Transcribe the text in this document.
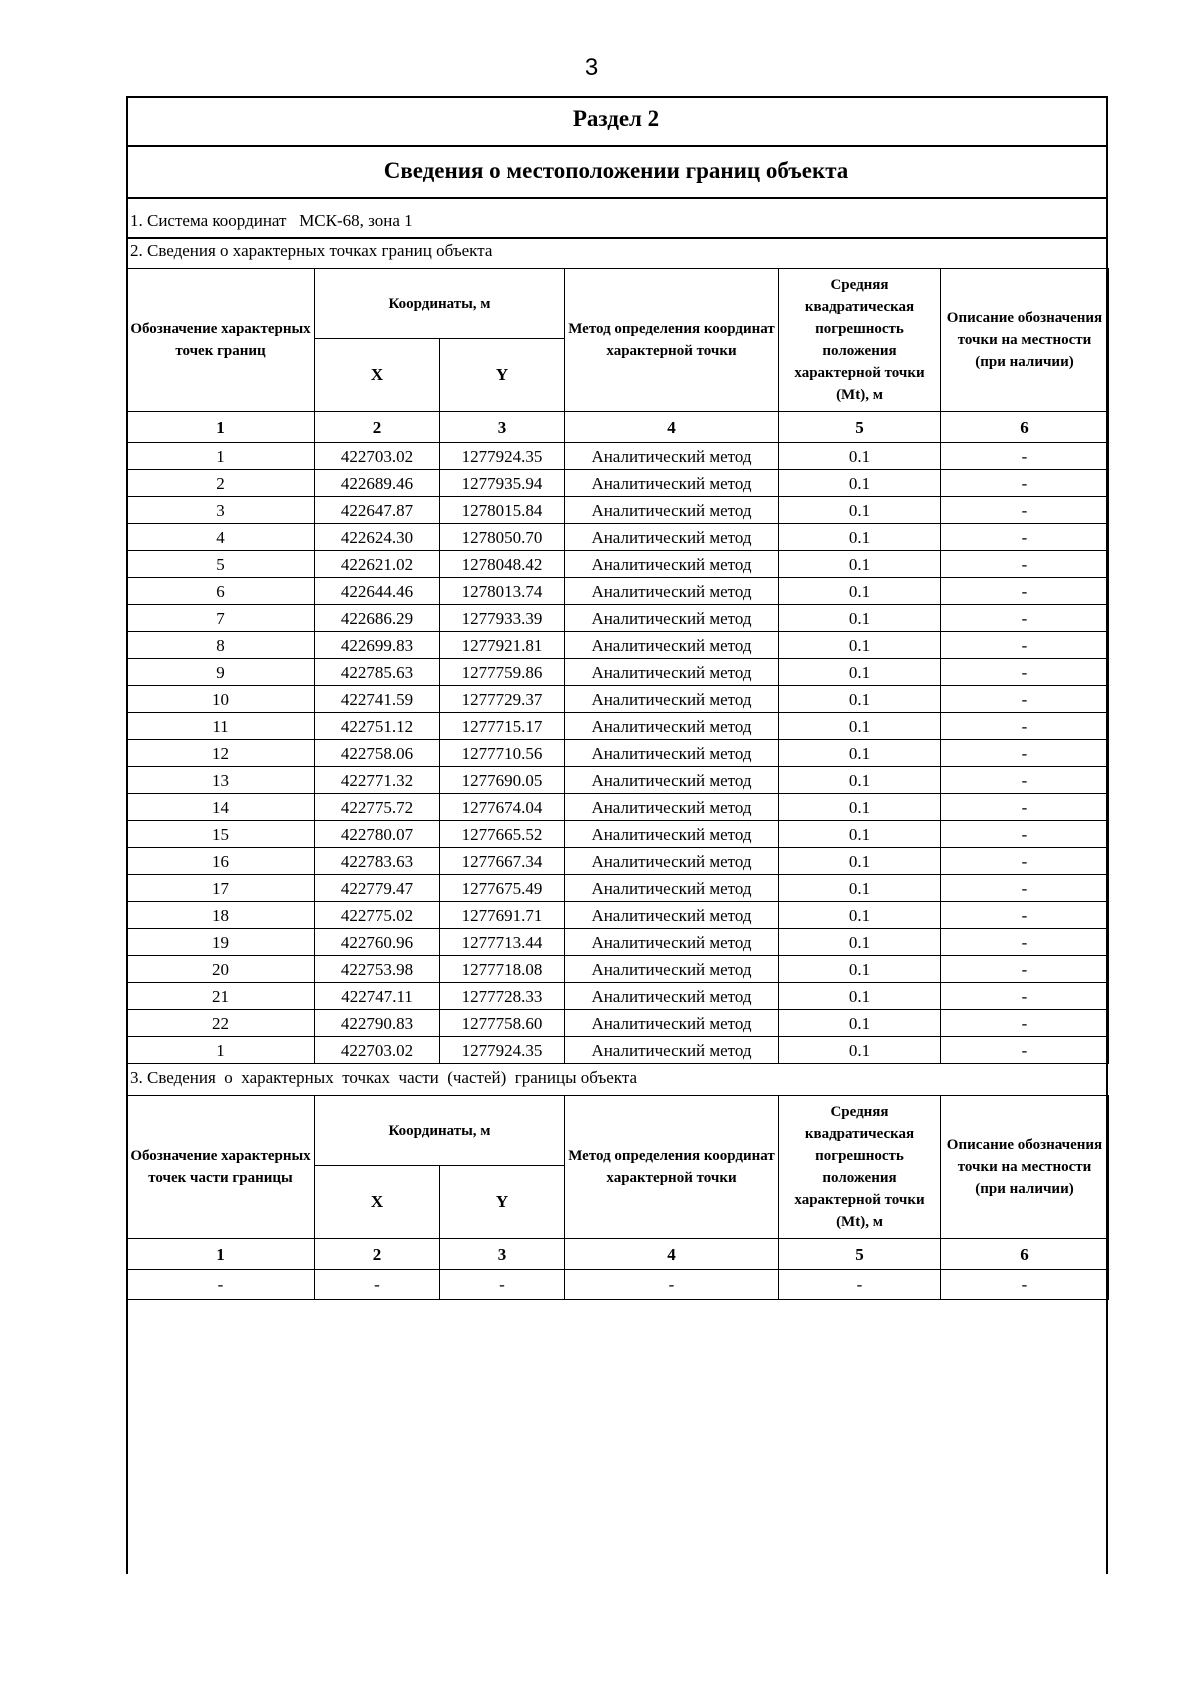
3
Раздел 2
Сведения о местоположении границ объекта
1. Система координат   МСК-68, зона 1
2. Сведения о характерных точках границ объекта
Обозначение характерных точек границ	Координаты, м		Метод определения координат характерной точки	Средняя квадратическая погрешность положения характерной точки (Mt), м	Описание обозначения точки на местности (при наличии)
	X	Y			
1	2	3	4	5	6
1	422703.02	1277924.35	Аналитический метод	0.1	-
2	422689.46	1277935.94	Аналитический метод	0.1	-
3	422647.87	1278015.84	Аналитический метод	0.1	-
4	422624.30	1278050.70	Аналитический метод	0.1	-
5	422621.02	1278048.42	Аналитический метод	0.1	-
6	422644.46	1278013.74	Аналитический метод	0.1	-
7	422686.29	1277933.39	Аналитический метод	0.1	-
8	422699.83	1277921.81	Аналитический метод	0.1	-
9	422785.63	1277759.86	Аналитический метод	0.1	-
10	422741.59	1277729.37	Аналитический метод	0.1	-
11	422751.12	1277715.17	Аналитический метод	0.1	-
12	422758.06	1277710.56	Аналитический метод	0.1	-
13	422771.32	1277690.05	Аналитический метод	0.1	-
14	422775.72	1277674.04	Аналитический метод	0.1	-
15	422780.07	1277665.52	Аналитический метод	0.1	-
16	422783.63	1277667.34	Аналитический метод	0.1	-
17	422779.47	1277675.49	Аналитический метод	0.1	-
18	422775.02	1277691.71	Аналитический метод	0.1	-
19	422760.96	1277713.44	Аналитический метод	0.1	-
20	422753.98	1277718.08	Аналитический метод	0.1	-
21	422747.11	1277728.33	Аналитический метод	0.1	-
22	422790.83	1277758.60	Аналитический метод	0.1	-
1	422703.02	1277924.35	Аналитический метод	0.1	-
3. Сведения  о  характерных  точках  части  (частей)  границы объекта
Обозначение характерных точек части границы	Координаты, м		Метод определения координат характерной точки	Средняя квадратическая погрешность положения характерной точки (Mt), м	Описание обозначения точки на местности (при наличии)
	X	Y			
1	2	3	4	5	6
-	-	-	-	-	-
